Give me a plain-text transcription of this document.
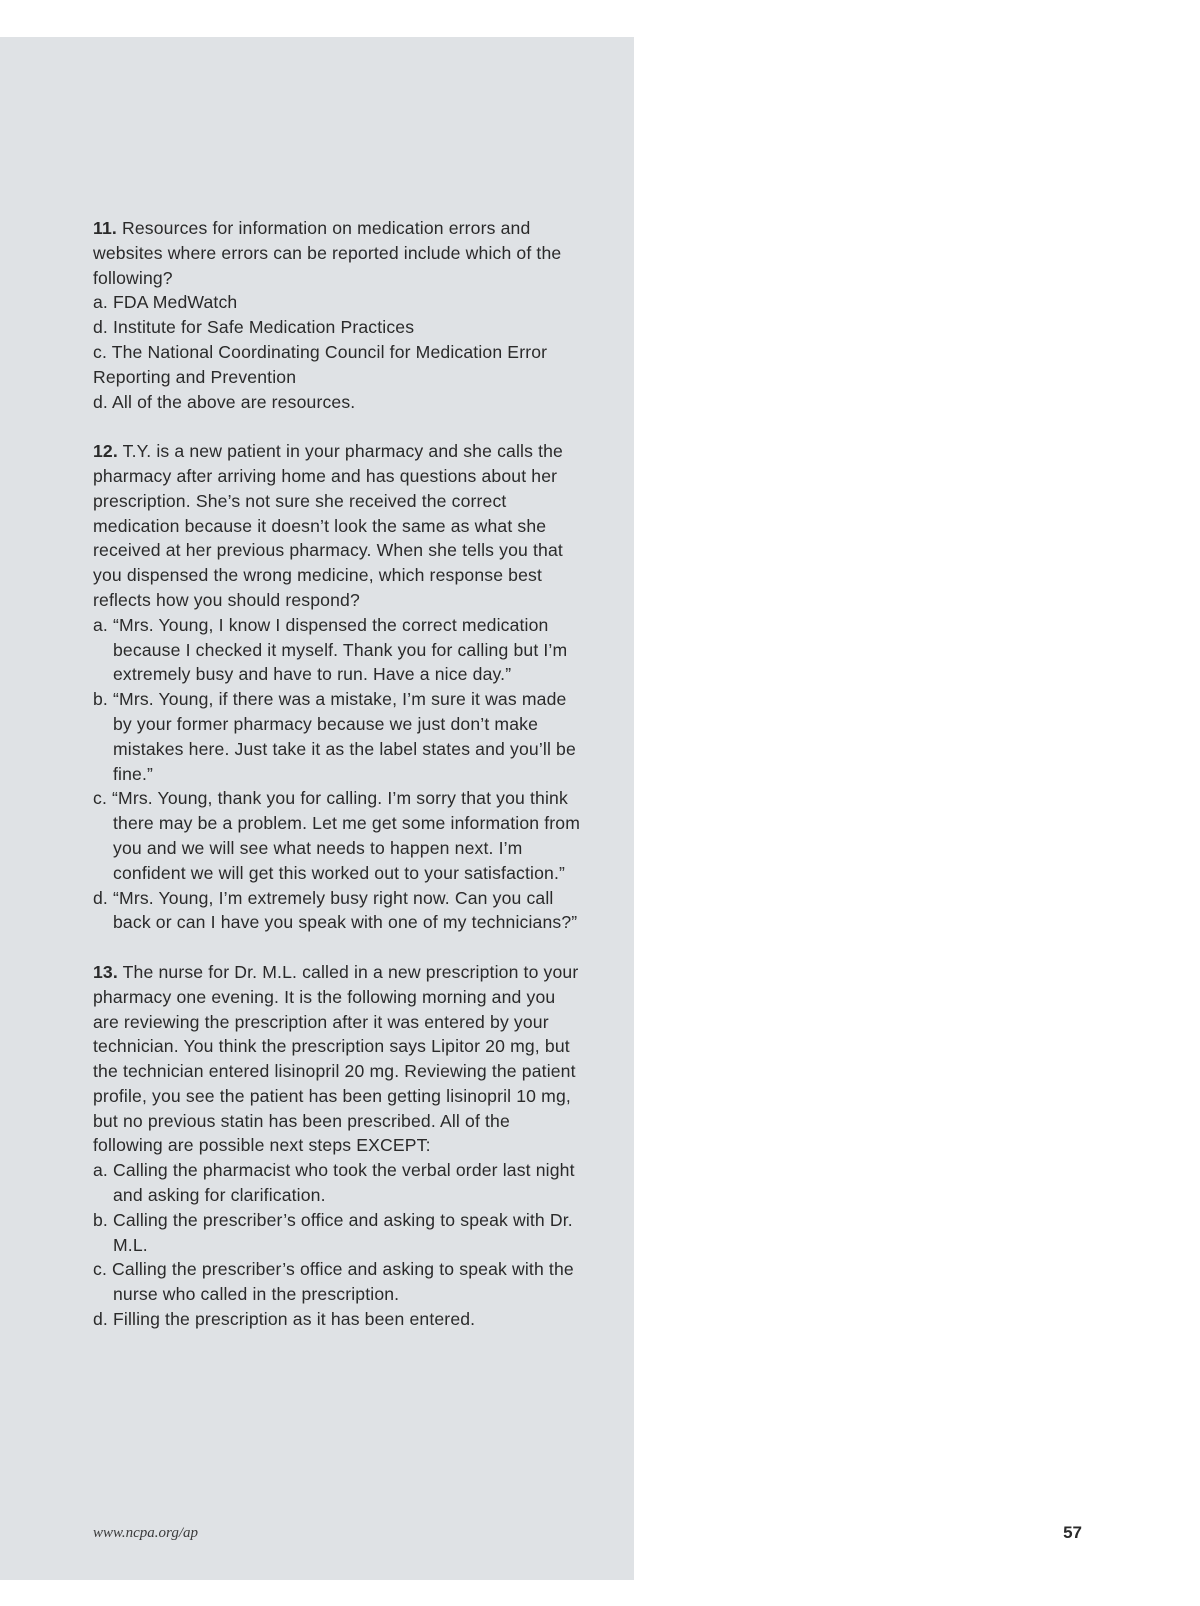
11. Resources for information on medication errors and websites where errors can be reported include which of the following?

a. FDA MedWatch
d. Institute for Safe Medication Practices
c. The National Coordinating Council for Medication Error Reporting and Prevention
d. All of the above are resources.

12. T.Y. is a new patient in your pharmacy and she calls the pharmacy after arriving home and has questions about her prescription. She’s not sure she received the correct medication because it doesn’t look the same as what she received at her previous pharmacy. When she tells you that you dispensed the wrong medicine, which response best reflects how you should respond?

a. “Mrs. Young, I know I dispensed the correct medication because I checked it myself. Thank you for calling but I’m extremely busy and have to run. Have a nice day.”
b. “Mrs. Young, if there was a mistake, I’m sure it was made by your former pharmacy because we just don’t make mistakes here. Just take it as the label states and you’ll be fine.”
c. “Mrs. Young, thank you for calling. I’m sorry that you think there may be a problem. Let me get some information from you and we will see what needs to happen next. I’m confident we will get this worked out to your satisfaction.”
d. “Mrs. Young, I’m extremely busy right now. Can you call back or can I have you speak with one of my technicians?”

13. The nurse for Dr. M.L. called in a new prescription to your pharmacy one evening. It is the following morning and you are reviewing the prescription after it was entered by your technician. You think the prescription says Lipitor 20 mg, but the technician entered lisinopril 20 mg. Reviewing the patient profile, you see the patient has been getting lisinopril 10 mg, but no previous statin has been prescribed. All of the following are possible next steps EXCEPT:

a. Calling the pharmacist who took the verbal order last night and asking for clarification.
b. Calling the prescriber’s office and asking to speak with Dr. M.L.
c. Calling the prescriber’s office and asking to speak with the nurse who called in the prescription.
d. Filling the prescription as it has been entered.
www.ncpa.org/ap	57
